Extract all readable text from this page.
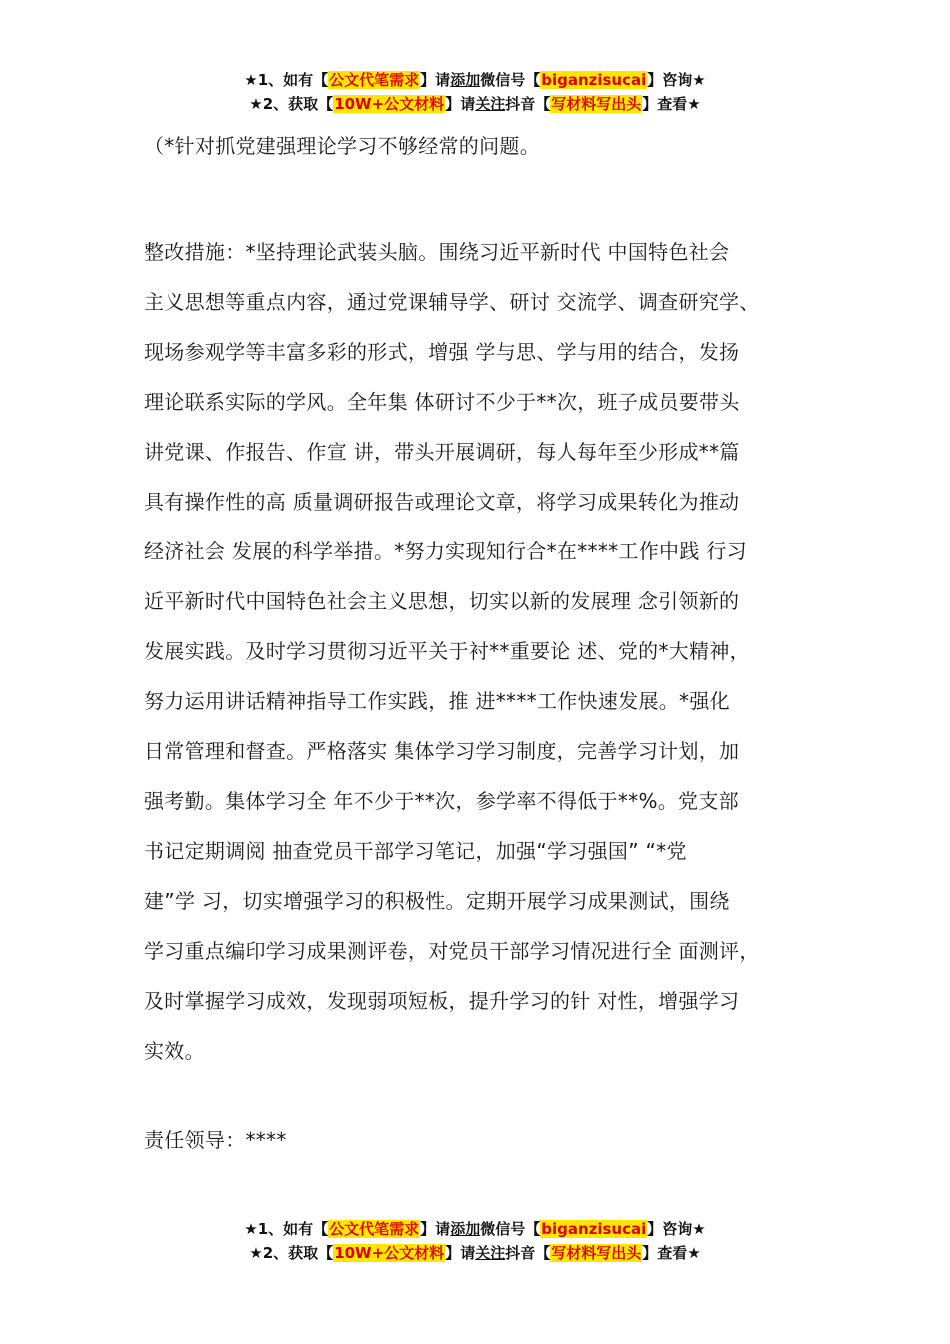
★1、如有【公文代笔需求】请添加微信号【biganzisucai】咨询★
★2、获取【10W+公文材料】请关注抖音【写材料写出头】查看★
（*针对抓党建强理论学习不够经常的问题。
整改措施：*坚持理论武装头脑。围绕习近平新时代 中国特色社会
主义思想等重点内容，通过党课辅导学、研讨 交流学、调查研究学、
现场参观学等丰富多彩的形式，增强 学与思、学与用的结合，发扬
理论联系实际的学风。全年集 体研讨不少于**次，班子成员要带头
讲党课、作报告、作宣 讲，带头开展调研，每人每年至少形成**篇
具有操作性的高 质量调研报告或理论文章，将学习成果转化为推动
经济社会 发展的科学举措。*努力实现知行合*在****工作中践 行习
近平新时代中国特色社会主义思想，切实以新的发展理 念引领新的
发展实践。及时学习贯彻习近平关于衬**重要论 述、党的*大精神，
努力运用讲话精神指导工作实践，推 进****工作快速发展。*强化
日常管理和督查。严格落实 集体学习学习制度，完善学习计划，加
强考勤。集体学习全 年不少于**次，参学率不得低于**%。党支部
书记定期调阅 抽查党员干部学习笔记，加强“学习强国” “*党
建”学 习，切实增强学习的积极性。定期开展学习成果测试，围绕
学习重点编印学习成果测评卷，对党员干部学习情况进行全 面测评，
及时掌握学习成效，发现弱项短板，提升学习的针 对性，增强学习
实效。
责任领导：****
★1、如有【公文代笔需求】请添加微信号【biganzisucai】咨询★
★2、获取【10W+公文材料】请关注抖音【写材料写出头】查看★
